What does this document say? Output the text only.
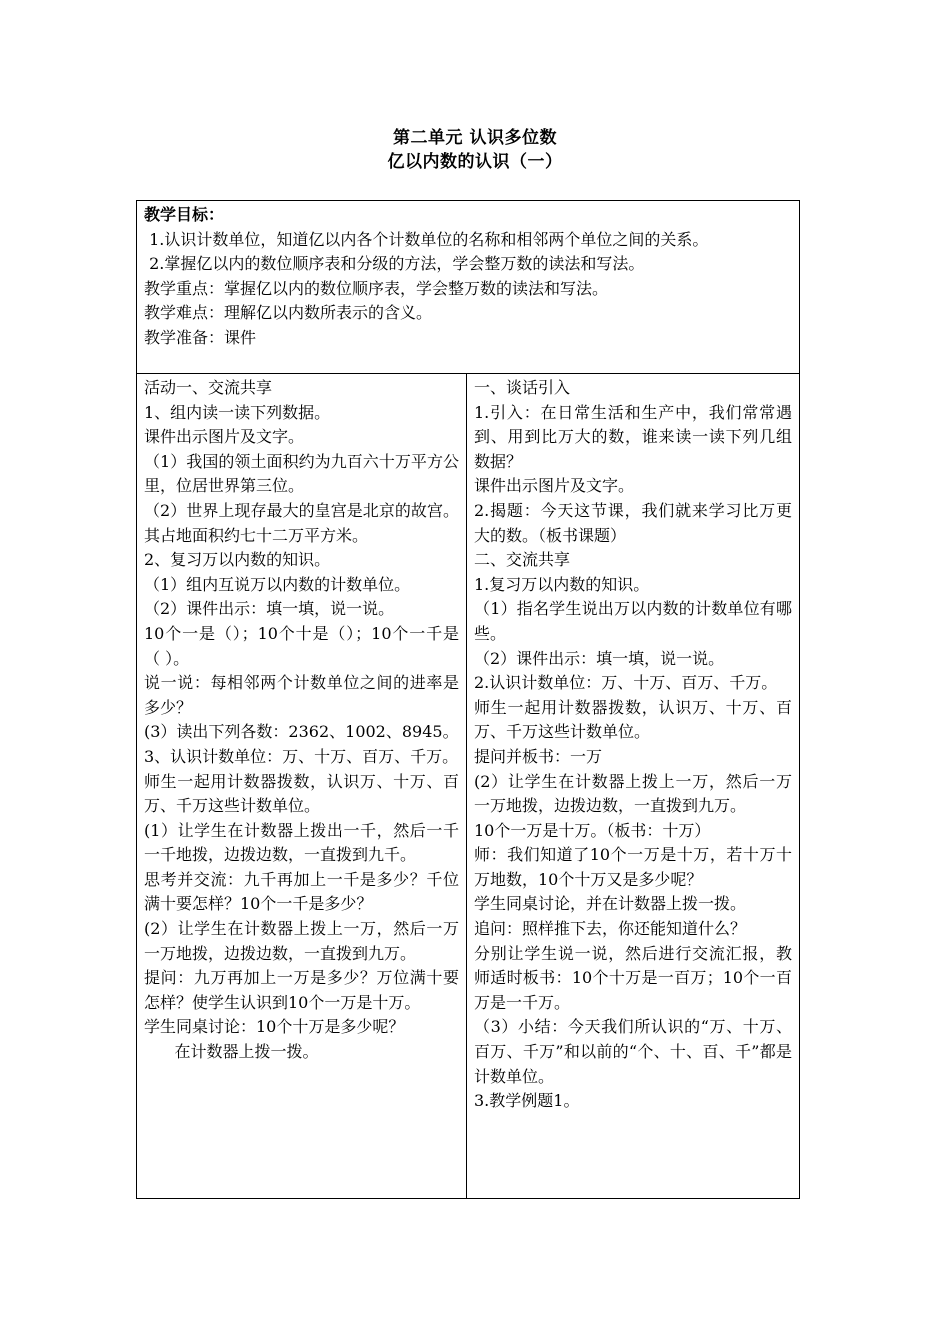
第二单元 认识多位数
亿以内数的认识（一）
教学目标：
1.认识计数单位，知道亿以内各个计数单位的名称和相邻两个单位之间的关系。
2.掌握亿以内的数位顺序表和分级的方法，学会整万数的读法和写法。
教学重点：掌握亿以内的数位顺序表，学会整万数的读法和写法。
教学难点：理解亿以内数所表示的含义。
教学准备：课件

活动一、交流共享
1、组内读一读下列数据。
课件出示图片及文字。
（1）我国的领土面积约为九百六十万平方公里，位居世界第三位。
（2）世界上现存最大的皇宫是北京的故宫。其占地面积约七十二万平方米。
2、复习万以内数的知识。
（1）组内互说万以内数的计数单位。
（2）课件出示：填一填，说一说。
10个一是（）；10个十是（）；10个一千是（ ）。
说一说：每相邻两个计数单位之间的进率是多少？
(3）读出下列各数：2362、1002、8945。
3、认识计数单位：万、十万、百万、千万。
师生一起用计数器拨数，认识万、十万、百万、千万这些计数单位。
(1）让学生在计数器上拨出一千，然后一千一千地拨，边拨边数，一直拨到九千。
思考并交流：九千再加上一千是多少？千位满十要怎样？10个一千是多少？
(2）让学生在计数器上拨上一万，然后一万一万地拨，边拨边数，一直拨到九万。
提问：九万再加上一万是多少？万位满十要怎样？使学生认识到10个一万是十万。
学生同桌讨论：10个十万是多少呢？
在计数器上拨一拨。

一、谈话引入
1.引入：在日常生活和生产中，我们常常遇到、用到比万大的数，谁来读一读下列几组数据？
课件出示图片及文字。
2.揭题：今天这节课，我们就来学习比万更大的数。（板书课题）
二、交流共享
1.复习万以内数的知识。
（1）指名学生说出万以内数的计数单位有哪些。
（2）课件出示：填一填，说一说。
2.认识计数单位：万、十万、百万、千万。
师生一起用计数器拨数，认识万、十万、百万、千万这些计数单位。
提问并板书：一万
(2）让学生在计数器上拨上一万，然后一万一万地拨，边拨边数，一直拨到九万。
10个一万是十万。（板书：十万）
师：我们知道了10个一万是十万，若十万十万地数，10个十万又是多少呢？
学生同桌讨论，并在计数器上拨一拨。
追问：照样推下去，你还能知道什么？
分别让学生说一说，然后进行交流汇报，教师适时板书：10个十万是一百万；10个一百万是一千万。
（3）小结：今天我们所认识的“万、十万、百万、千万”和以前的“个、十、百、千”都是计数单位。
3.教学例题1。
